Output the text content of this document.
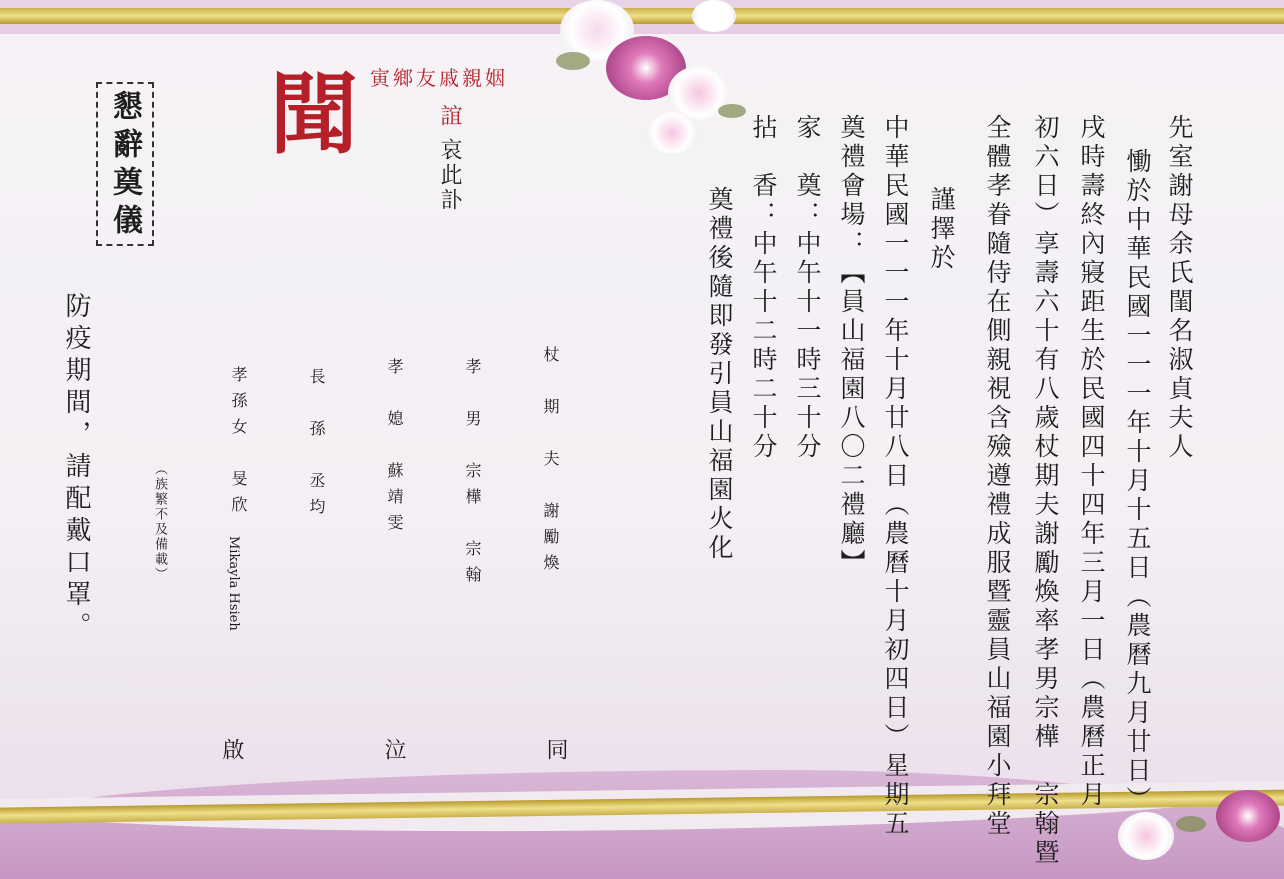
先室謝母余氏閨名淑貞夫人
慟於中華民國一一一年十月十五日（農曆九月廿日）
戌時壽終內寢距生於民國四十四年三月一日（農曆正月
初六日）享壽六十有八歲杖期夫謝勵煥率孝男宗樺　宗翰暨
全體孝眷隨侍在側親視含殮遵禮成服暨靈員山福園小拜堂
謹擇於
中華民國一一一年十月廿八日（農曆十月初四日）星期五
奠禮會場：【員山福園八〇二禮廳】
家　奠：中午十一時三十分
拈　香：中午十二時二十分
奠禮後隨即發引員山福園火化
杖　期　夫　謝勵煥
孝　男　宗樺　宗翰
孝　媳　蘇靖雯
長　孫　丞均
孝孫女　旻欣
Mikayla Hsieh
（族繁不及備載）
同
泣
啟
聞 姻親戚友鄉寅
誼
哀此訃
懇辭奠儀
防疫期間，請配戴口罩。
